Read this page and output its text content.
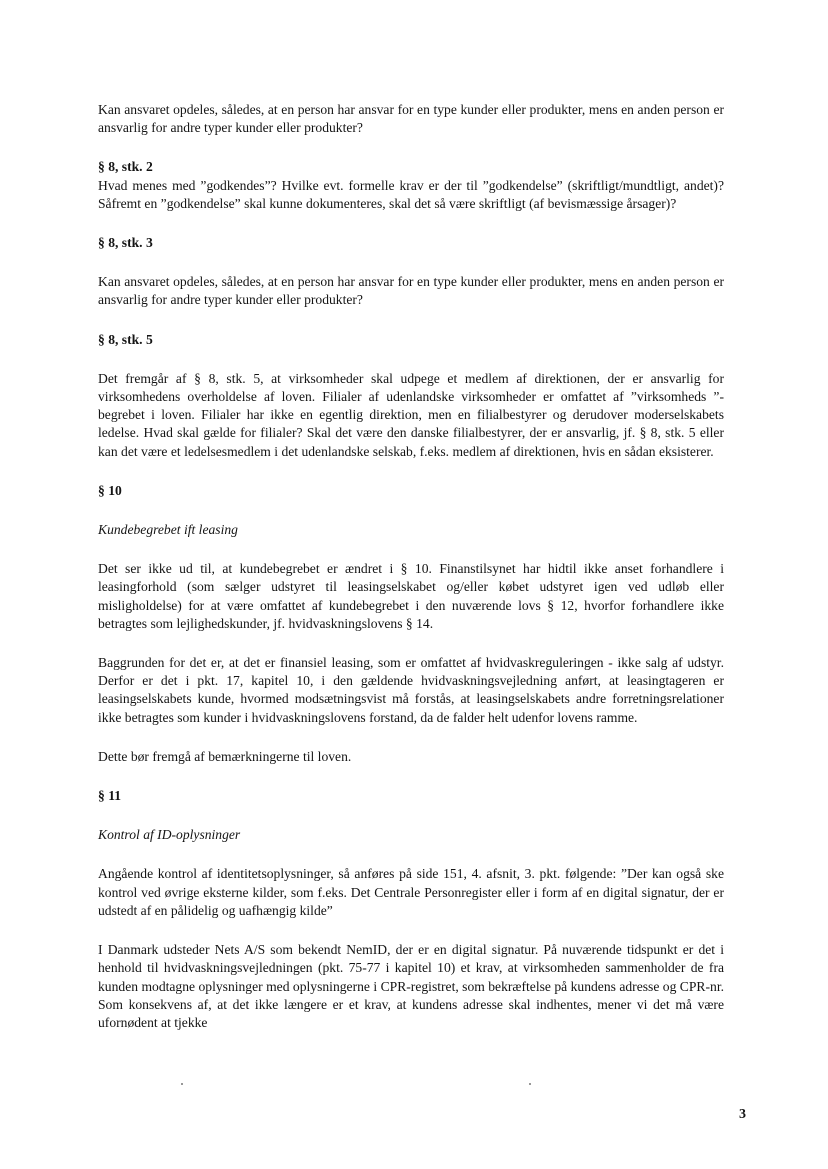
Kan ansvaret opdeles, således, at en person har ansvar for en type kunder eller produkter, mens en anden person er ansvarlig for andre typer kunder eller produkter?

§ 8, stk. 2

Hvad menes med ”godkendes”? Hvilke evt. formelle krav er der til ”godkendelse” (skriftligt/mundtligt, andet)? Såfremt en ”godkendelse” skal kunne dokumenteres, skal det så være skriftligt (af bevismæssige årsager)?

§ 8, stk. 3

Kan ansvaret opdeles, således, at en person har ansvar for en type kunder eller produkter, mens en anden person er ansvarlig for andre typer kunder eller produkter?

§ 8, stk. 5

Det fremgår af § 8, stk. 5, at virksomheder skal udpege et medlem af direktionen, der er ansvarlig for virksomhedens overholdelse af loven. Filialer af udenlandske virksomheder er omfattet af ”virksomheds ”-begrebet i loven. Filialer har ikke en egentlig direktion, men en filialbestyrer og derudover moderselskabets ledelse. Hvad skal gælde for filialer? Skal det være den danske filialbestyrer, der er ansvarlig, jf. § 8, stk. 5 eller kan det være et ledelsesmedlem i det udenlandske selskab, f.eks. medlem af direktionen, hvis en sådan eksisterer.

§ 10
Kundebegrebet ift leasing

Det ser ikke ud til, at kundebegrebet er ændret i § 10. Finanstilsynet har hidtil ikke anset forhandlere i leasingforhold (som sælger udstyret til leasingselskabet og/eller købet udstyret igen ved udløb eller misligholdelse) for at være omfattet af kundebegrebet i den nuværende lovs § 12, hvorfor forhandlere ikke betragtes som lejlighedskunder, jf. hvidvaskningslovens § 14.

Baggrunden for det er, at det er finansiel leasing, som er omfattet af hvidvaskreguleringen - ikke salg af udstyr. Derfor er det i pkt. 17, kapitel 10, i den gældende hvidvaskningsvejledning anført, at leasingtageren er leasingselskabets kunde, hvormed modsætningsvist må forstås, at leasingselskabets andre forretningsrelationer ikke betragtes som kunder i hvidvaskningslovens forstand, da de falder helt udenfor lovens ramme.

Dette bør fremgå af bemærkningerne til loven.

§ 11
Kontrol af ID-oplysninger

Angående kontrol af identitetsoplysninger, så anføres på side 151, 4. afsnit, 3. pkt. følgende: ”Der kan også ske kontrol ved øvrige eksterne kilder, som f.eks. Det Centrale Personregister eller i form af en digital signatur, der er udstedt af en pålidelig og uafhængig kilde”

I Danmark udsteder Nets A/S som bekendt NemID, der er en digital signatur. På nuværende tidspunkt er det i henhold til hvidvaskningsvejledningen (pkt. 75-77 i kapitel 10) et krav, at virksomheden sammenholder de fra kunden modtagne oplysninger med oplysningerne i CPR-registret, som bekræftelse på kundens adresse og CPR-nr. Som konsekvens af, at det ikke længere er et krav, at kundens adresse skal indhentes, mener vi det må være ufornødent at tjekke

3
